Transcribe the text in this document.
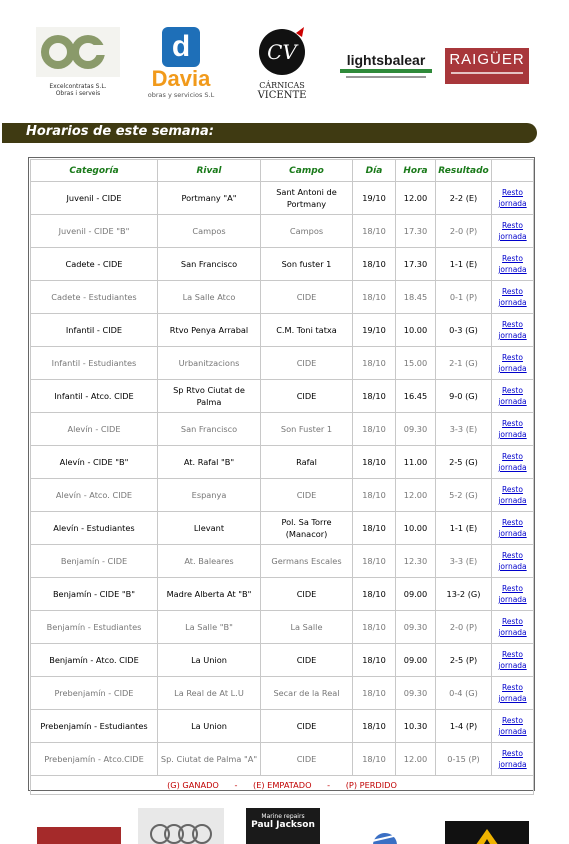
Excelcontratas S.L.
Obras i serveis
d
Davia
obras y servicios S.L
CV
CÁRNICAS
VICENTE
lightsbalear	RAIGÜER
Horarios de este semana:
Categoría	Rival	Campo	Día	Hora	Resultado	
Juvenil - CIDE	Portmany "A"	Sant Antoni de Portmany	19/10	12.00	2-2 (E)	Resto
jornada

Juvenil - CIDE "B"	Campos	Campos	18/10	17.30	2-0 (P)	Resto
jornada

Cadete - CIDE	San Francisco	Son fuster 1	18/10	17.30	1-1 (E)	Resto
jornada

Cadete - Estudiantes	La Salle Atco	CIDE	18/10	18.45	0-1 (P)	Resto
jornada

Infantil - CIDE	Rtvo Penya Arrabal	C.M. Toni tatxa	19/10	10.00	0-3 (G)	Resto
jornada

Infantil - Estudiantes	Urbanitzacions	CIDE	18/10	15.00	2-1 (G)	Resto
jornada

Infantil - Atco. CIDE	Sp Rtvo Ciutat de Palma	CIDE	18/10	16.45	9-0 (G)	Resto
jornada

Alevín - CIDE	San Francisco	Son Fuster 1	18/10	09.30	3-3 (E)	Resto
jornada

Alevín - CIDE "B"	At. Rafal "B"	Rafal	18/10	11.00	2-5 (G)	Resto
jornada

Alevín - Atco. CIDE	Espanya	CIDE	18/10	12.00	5-2 (G)	Resto
jornada

Alevín - Estudiantes	Llevant	Pol. Sa Torre (Manacor)	18/10	10.00	1-1 (E)	Resto
jornada

Benjamín - CIDE	At. Baleares	Germans Escales	18/10	12.30	3-3 (E)	Resto
jornada

Benjamín - CIDE "B"	Madre Alberta At "B"	CIDE	18/10	09.00	13-2 (G)	Resto
jornada

Benjamín - Estudiantes	La Salle "B"	La Salle	18/10	09.30	2-0 (P)	Resto
jornada

Benjamín - Atco. CIDE	La Union	CIDE	18/10	09.00	2-5 (P)	Resto
jornada

Prebenjamín - CIDE	La Real de At L.U	Secar de la Real	18/10	09.30	0-4 (G)	Resto
jornada

Prebenjamín - Estudiantes	La Union	CIDE	18/10	10.30	1-4 (P)	Resto
jornada

Prebenjamín - Atco.CIDE	Sp. Ciutat de Palma "A"	CIDE	18/10	12.00	0-15 (P)	Resto
jornada

(G) GANADO      -      (E) EMPATADO      -      (P) PERDIDO						
Marine repairs
Paul Jackson
